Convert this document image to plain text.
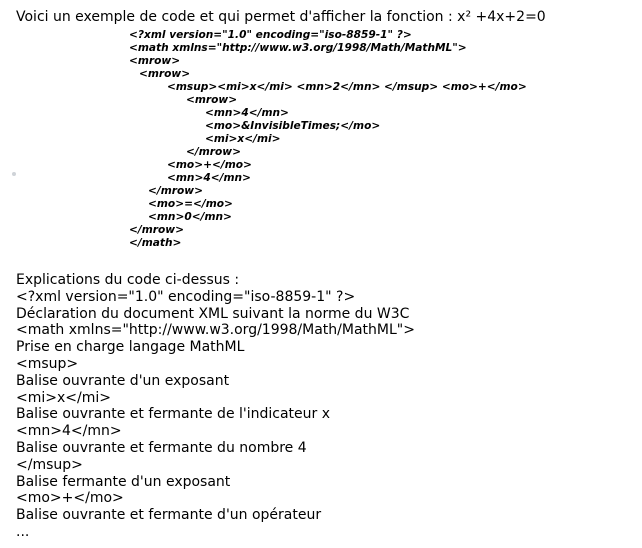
Voici un exemple de code et qui permet d'afficher la fonction : x² +4x+2=0
<?xml version="1.0" encoding="iso-8859-1" ?>
<math xmlns="http://www.w3.org/1998/Math/MathML">
<mrow>
<mrow>
<msup><mi>x</mi> <mn>2</mn> </msup> <mo>+</mo>
<mrow>
<mn>4</mn>
<mo>&InvisibleTimes;</mo>
<mi>x</mi>
</mrow>
<mo>+</mo>
<mn>4</mn>
</mrow>
<mo>=</mo>
<mn>0</mn>
</mrow>
</math>
Explications du code ci-dessus :
<?xml version="1.0" encoding="iso-8859-1" ?>
Déclaration du document XML suivant la norme du W3C
<math xmlns="http://www.w3.org/1998/Math/MathML">
Prise en charge langage MathML
<msup>
Balise ouvrante d'un exposant
<mi>x</mi>
Balise ouvrante et fermante de l'indicateur x
<mn>4</mn>
Balise ouvrante et fermante du nombre 4
</msup>
Balise fermante d'un exposant
<mo>+</mo>
Balise ouvrante et fermante d'un opérateur
...
